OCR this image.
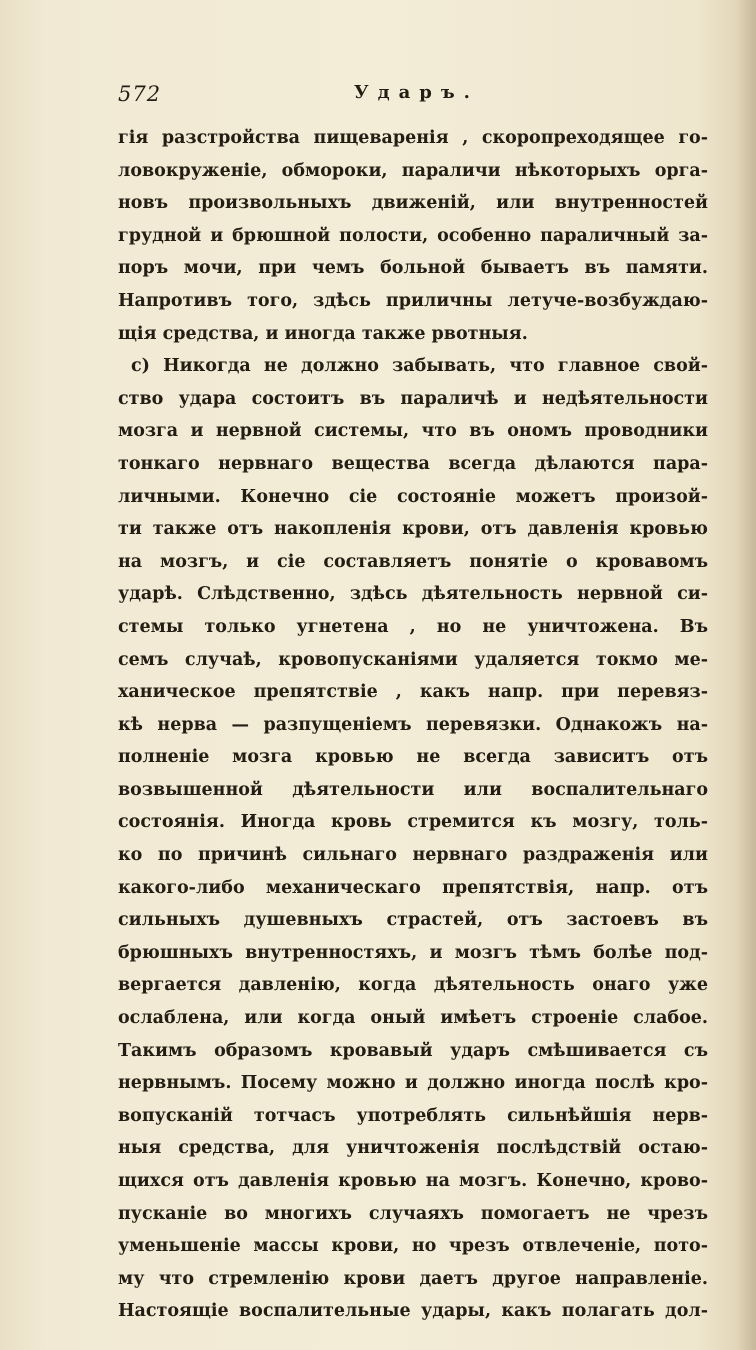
572	Ударъ.
гія разстройства пищеваренія , скоропреходящее го-
ловокруженіе, обмороки, параличи нѣкоторыхъ орга-
новъ произвольныхъ движеній, или внутренностей
грудной и брюшной полости, особенно параличный за-
поръ мочи, при чемъ больной бываетъ въ памяти.
Напротивъ того, здѣсь приличны летуче-возбуждаю-
щія средства, и иногда также рвотныя.
c) Никогда не должно забывать, что главное свой-
ство удара состоитъ въ параличѣ и недѣятельности
мозга и нервной системы, что въ ономъ проводники
тонкаго нервнаго вещества всегда дѣлаются пара-
личными. Конечно сіе состояніе можетъ произой-
ти также отъ накопленія крови, отъ давленія кровью
на мозгъ, и сіе составляетъ понятіе о кровавомъ
ударѣ. Слѣдственно, здѣсь дѣятельность нервной си-
стемы только угнетена , но не уничтожена. Въ
семъ случаѣ, кровопусканіями удаляется токмо ме-
ханическое препятствіе , какъ напр. при перевяз-
кѣ нерва — разпущеніемъ перевязки. Однакожъ на-
полненіе мозга кровью не всегда зависитъ отъ
возвышенной дѣятельности или воспалительнаго
состоянія. Иногда кровь стремится къ мозгу, толь-
ко по причинѣ сильнаго нервнаго раздраженія или
какого-либо механическаго препятствія, напр. отъ
сильныхъ душевныхъ страстей, отъ застоевъ въ
брюшныхъ внутренностяхъ, и мозгъ тѣмъ болѣе под-
вергается давленію, когда дѣятельность онаго уже
ослаблена, или когда оный имѣетъ строеніе слабое.
Такимъ образомъ кровавый ударъ смѣшивается съ
нервнымъ. Посему можно и должно иногда послѣ кро-
вопусканій тотчасъ употреблять сильнѣйшія нерв-
ныя средства, для уничтоженія послѣдствій остаю-
щихся отъ давленія кровью на мозгъ. Конечно, крово-
пусканіе во многихъ случаяхъ помогаетъ не чрезъ
уменьшеніе массы крови, но чрезъ отвлеченіе, пото-
му что стремленію крови даетъ другое направленіе.
Настоящіе воспалительные удары, какъ полагать дол-
